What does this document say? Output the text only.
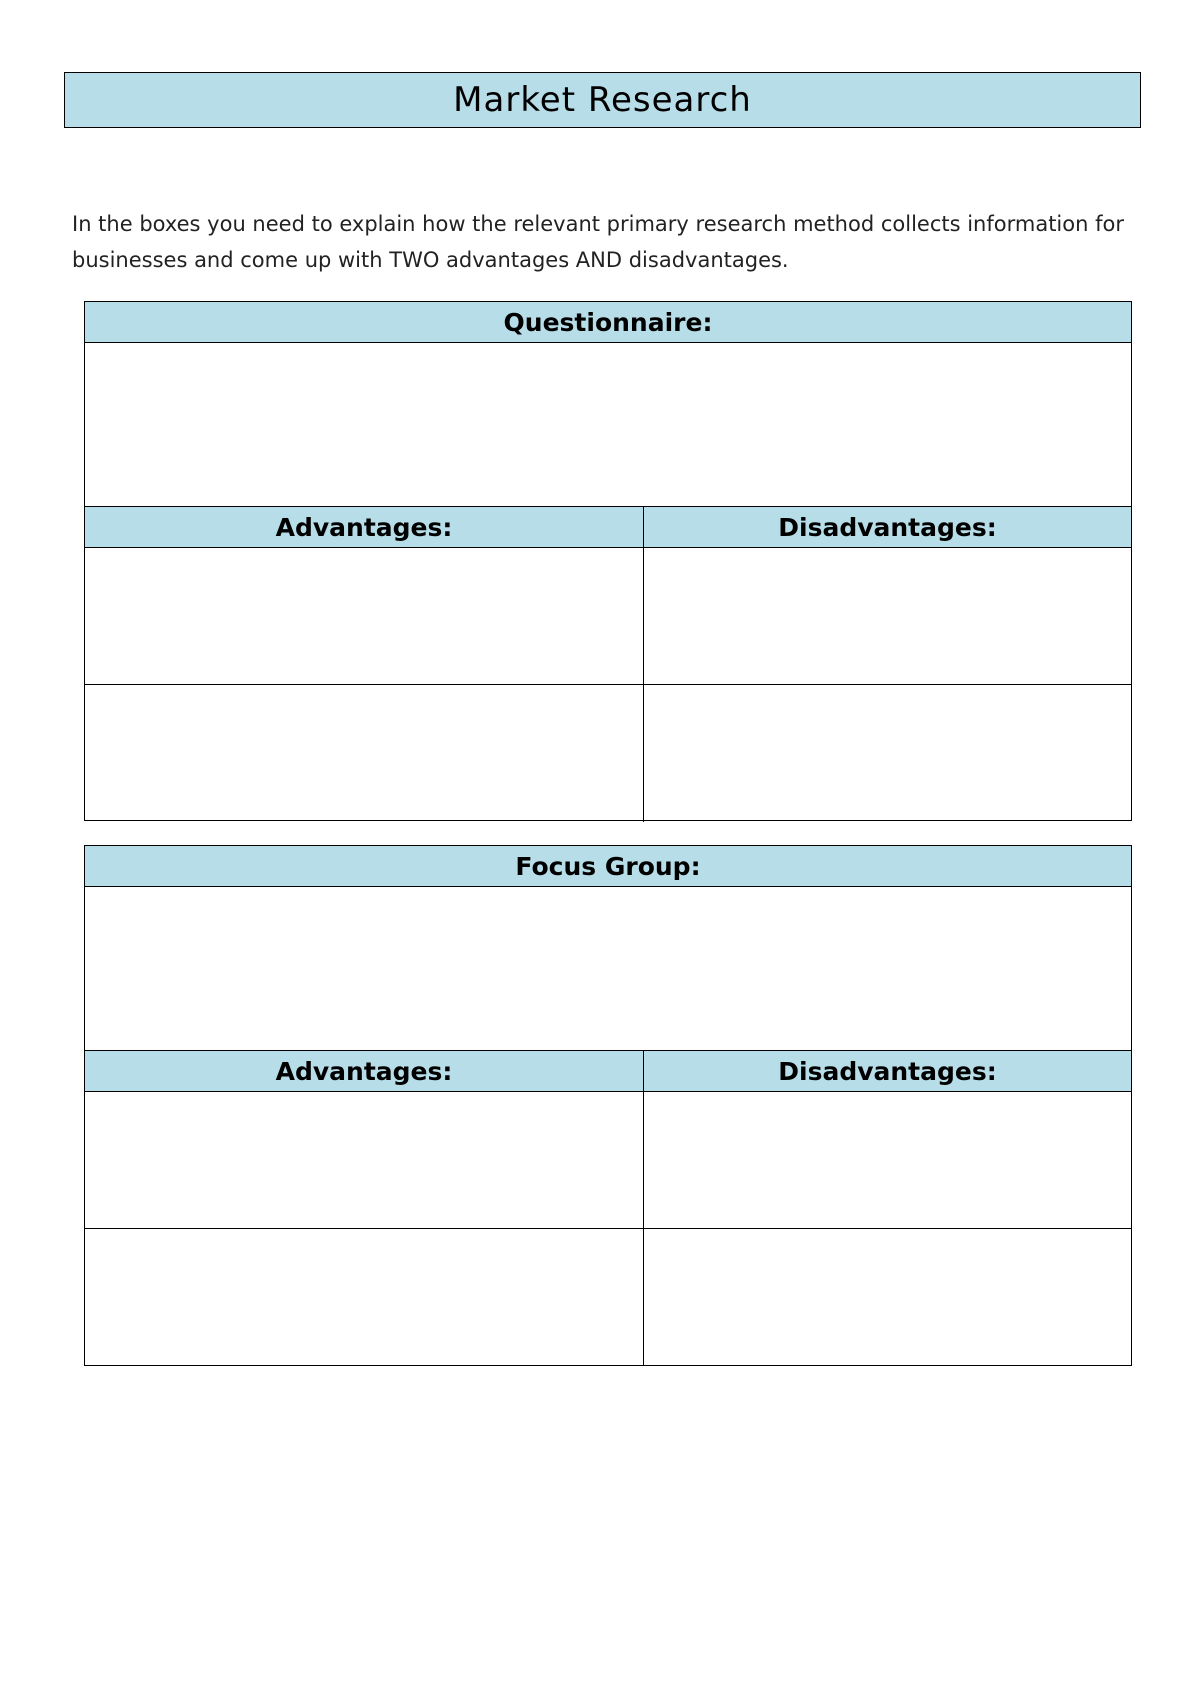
Market Research
In the boxes you need to explain how the relevant primary research method collects information for businesses and come up with TWO advantages AND disadvantages.
Questionnaire:
Advantages:	Disadvantages:
Focus Group:
Advantages:	Disadvantages:
